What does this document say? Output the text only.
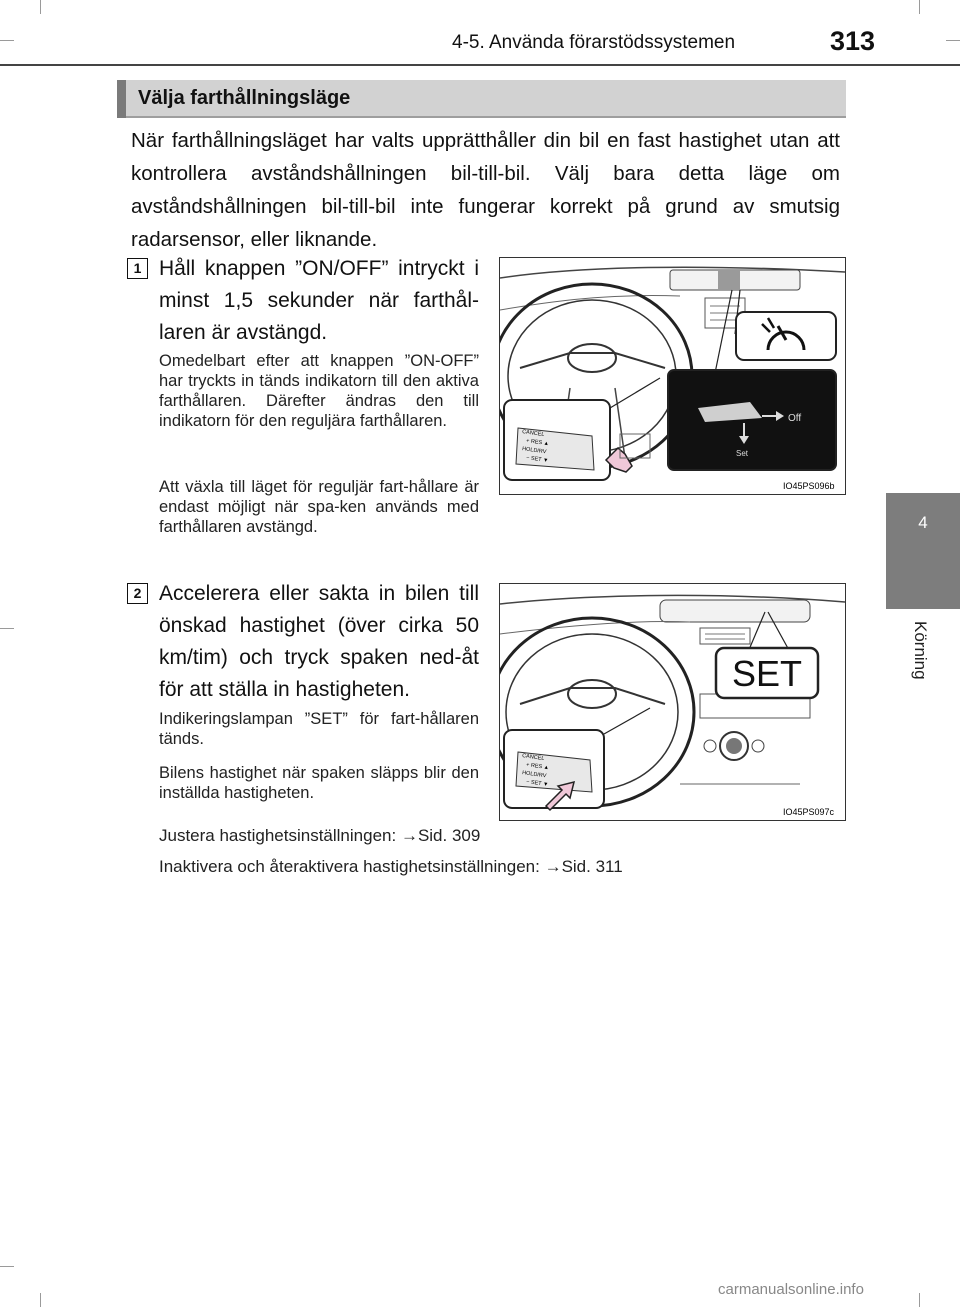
4-5. Använda förarstödssystemen	313
4
Körning
Välja farthållningsläge

När farthållningsläget har valts upprätthåller din bil en fast hastighet utan att kontrollera avståndshållningen bil-till-bil. Välj bara detta läge om avståndshållningen bil-till-bil inte fungerar korrekt på grund av smutsig radarsensor, eller liknande.

1 Håll knappen ”ON/OFF” intryckt i minst 1,5 sekunder när farthål-laren är avstängd.
Omedelbart efter att knappen ”ON-OFF” har tryckts in tänds indikatorn till den aktiva farthållaren. Därefter ändras den till indikatorn för den reguljära farthållaren.
Att växla till läget för reguljär fart-hållare är endast möjligt när spa-ken används med farthållaren avstängd.
Off
Set
CANCEL
+ RES ▲
HOLD/RV
− SET ▼
IO45PS096b
2 Accelerera eller sakta in bilen till önskad hastighet (över cirka 50 km/tim) och tryck spaken ned-åt för att ställa in hastigheten.
Indikeringslampan ”SET” för fart-hållaren tänds.
Bilens hastighet när spaken släpps blir den inställda hastigheten.
SET
CANCEL
+ RES ▲
HOLD/RV
− SET ▼
IO45PS097c
Justera hastighetsinställningen: →Sid. 309
Inaktivera och återaktivera hastighetsinställningen: →Sid. 311
carmanualsonline.info
